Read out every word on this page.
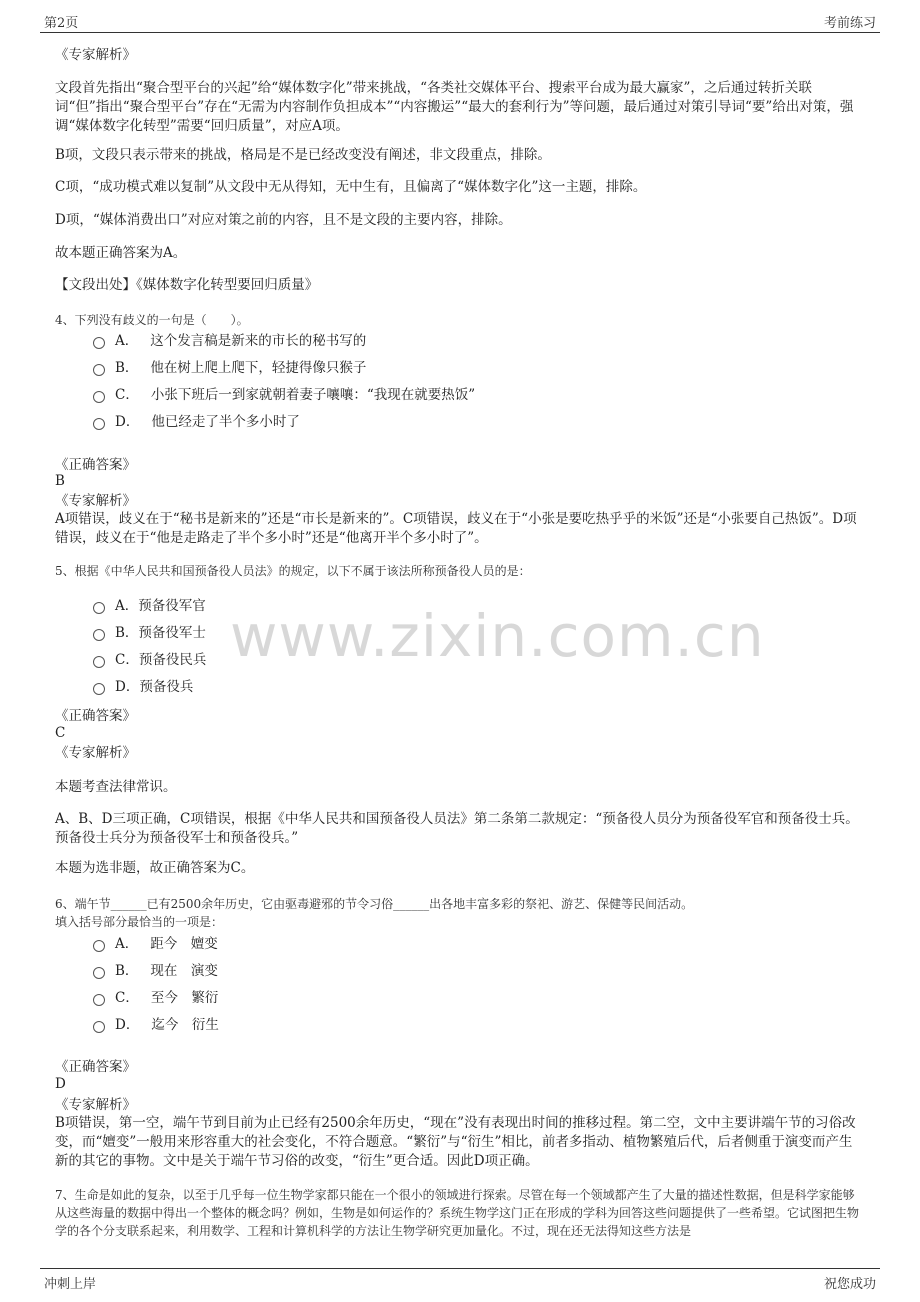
第2页	考前练习
www.zixin.com.cn
《专家解析》
文段首先指出“聚合型平台的兴起”给“媒体数字化”带来挑战，“各类社交媒体平台、搜索平台成为最大赢家”，之后通过转折关联词“但”指出“聚合型平台”存在“无需为内容制作负担成本”“内容搬运”“最大的套利行为”等问题，最后通过对策引导词“要”给出对策，强调“媒体数字化转型”需要“回归质量”，对应A项。
B项，文段只表示带来的挑战，格局是不是已经改变没有阐述，非文段重点，排除。
C项，“成功模式难以复制”从文段中无从得知，无中生有，且偏离了“媒体数字化”这一主题，排除。
D项，“媒体消费出口”对应对策之前的内容，且不是文段的主要内容，排除。
故本题正确答案为A。
【文段出处】《媒体数字化转型要回归质量》
4、下列没有歧义的一句是（　　）。
A． 这个发言稿是新来的市长的秘书写的
B． 他在树上爬上爬下，轻捷得像只猴子
C． 小张下班后一到家就朝着妻子嚷嚷：“我现在就要热饭”
D． 他已经走了半个多小时了
《正确答案》
B
《专家解析》
A项错误，歧义在于“秘书是新来的”还是“市长是新来的”。C项错误，歧义在于“小张是要吃热乎乎的米饭”还是“小张要自己热饭”。D项错误，歧义在于“他是走路走了半个多小时”还是“他离开半个多小时了”。
5、根据《中华人民共和国预备役人员法》的规定，以下不属于该法所称预备役人员的是：
A．预备役军官
B．预备役军士
C．预备役民兵
D．预备役兵
《正确答案》
C
《专家解析》
本题考查法律常识。
A、B、D三项正确，C项错误，根据《中华人民共和国预备役人员法》第二条第二款规定：“预备役人员分为预备役军官和预备役士兵。预备役士兵分为预备役军士和预备役兵。”
本题为选非题，故正确答案为C。
6、端午节______已有2500余年历史，它由驱毒避邪的节令习俗______出各地丰富多彩的祭祀、游艺、保健等民间活动。
填入括号部分最恰当的一项是：
A． 距今　嬗变
B． 现在　演变
C． 至今　繁衍
D． 迄今　衍生
《正确答案》
D
《专家解析》
B项错误，第一空，端午节到目前为止已经有2500余年历史，“现在”没有表现出时间的推移过程。第二空，文中主要讲端午节的习俗改变，而“嬗变”一般用来形容重大的社会变化，不符合题意。“繁衍”与“衍生”相比，前者多指动、植物繁殖后代，后者侧重于演变而产生新的其它的事物。文中是关于端午节习俗的改变，“衍生”更合适。因此D项正确。
7、生命是如此的复杂，以至于几乎每一位生物学家都只能在一个很小的领域进行探索。尽管在每一个领域都产生了大量的描述性数据，但是科学家能够从这些海量的数据中得出一个整体的概念吗？例如，生物是如何运作的？系统生物学这门正在形成的学科为回答这些问题提供了一些希望。它试图把生物学的各个分支联系起来，利用数学、工程和计算机科学的方法让生物学研究更加量化。不过，现在还无法得知这些方法是
冲刺上岸	祝您成功
